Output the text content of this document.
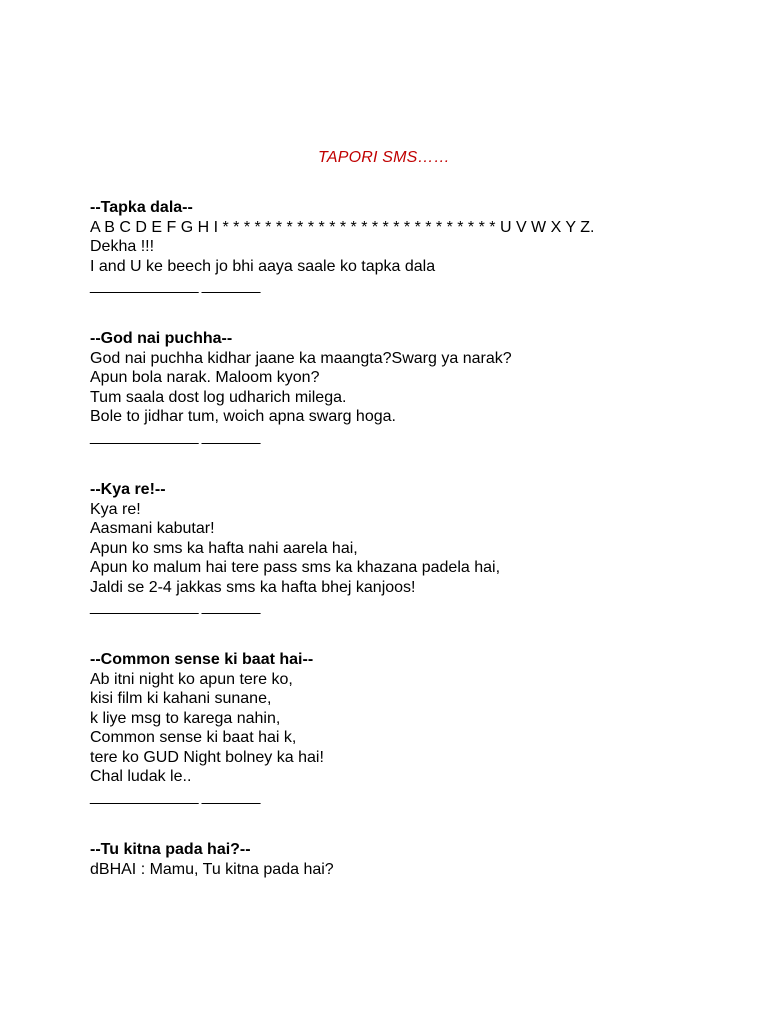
TAPORI SMS……
--Tapka dala--
A B C D E F G H I * * * * * * * * * * * * * * * * * * * * * * * * * * U V W X Y Z.
Dekha !!!
I and U ke beech jo bhi aaya saale ko tapka dala
_____________ _______
--God nai puchha--
God nai puchha kidhar jaane ka maangta?Swarg ya narak?
Apun bola narak. Maloom kyon?
Tum saala dost log udharich milega.
Bole to jidhar tum, woich apna swarg hoga.
_____________ _______
--Kya re!--
Kya re!
Aasmani kabutar!
Apun ko sms ka hafta nahi aarela hai,
Apun ko malum hai tere pass sms ka khazana padela hai,
Jaldi se 2-4 jakkas sms ka hafta bhej kanjoos!
_____________ _______
--Common sense ki baat hai--
Ab itni night ko apun tere ko,
kisi film ki kahani sunane,
k liye msg to karega nahin,
Common sense ki baat hai k,
tere ko GUD Night bolney ka hai!
Chal ludak le..
_____________ _______
--Tu kitna pada hai?--
dBHAI : Mamu, Tu kitna pada hai?
